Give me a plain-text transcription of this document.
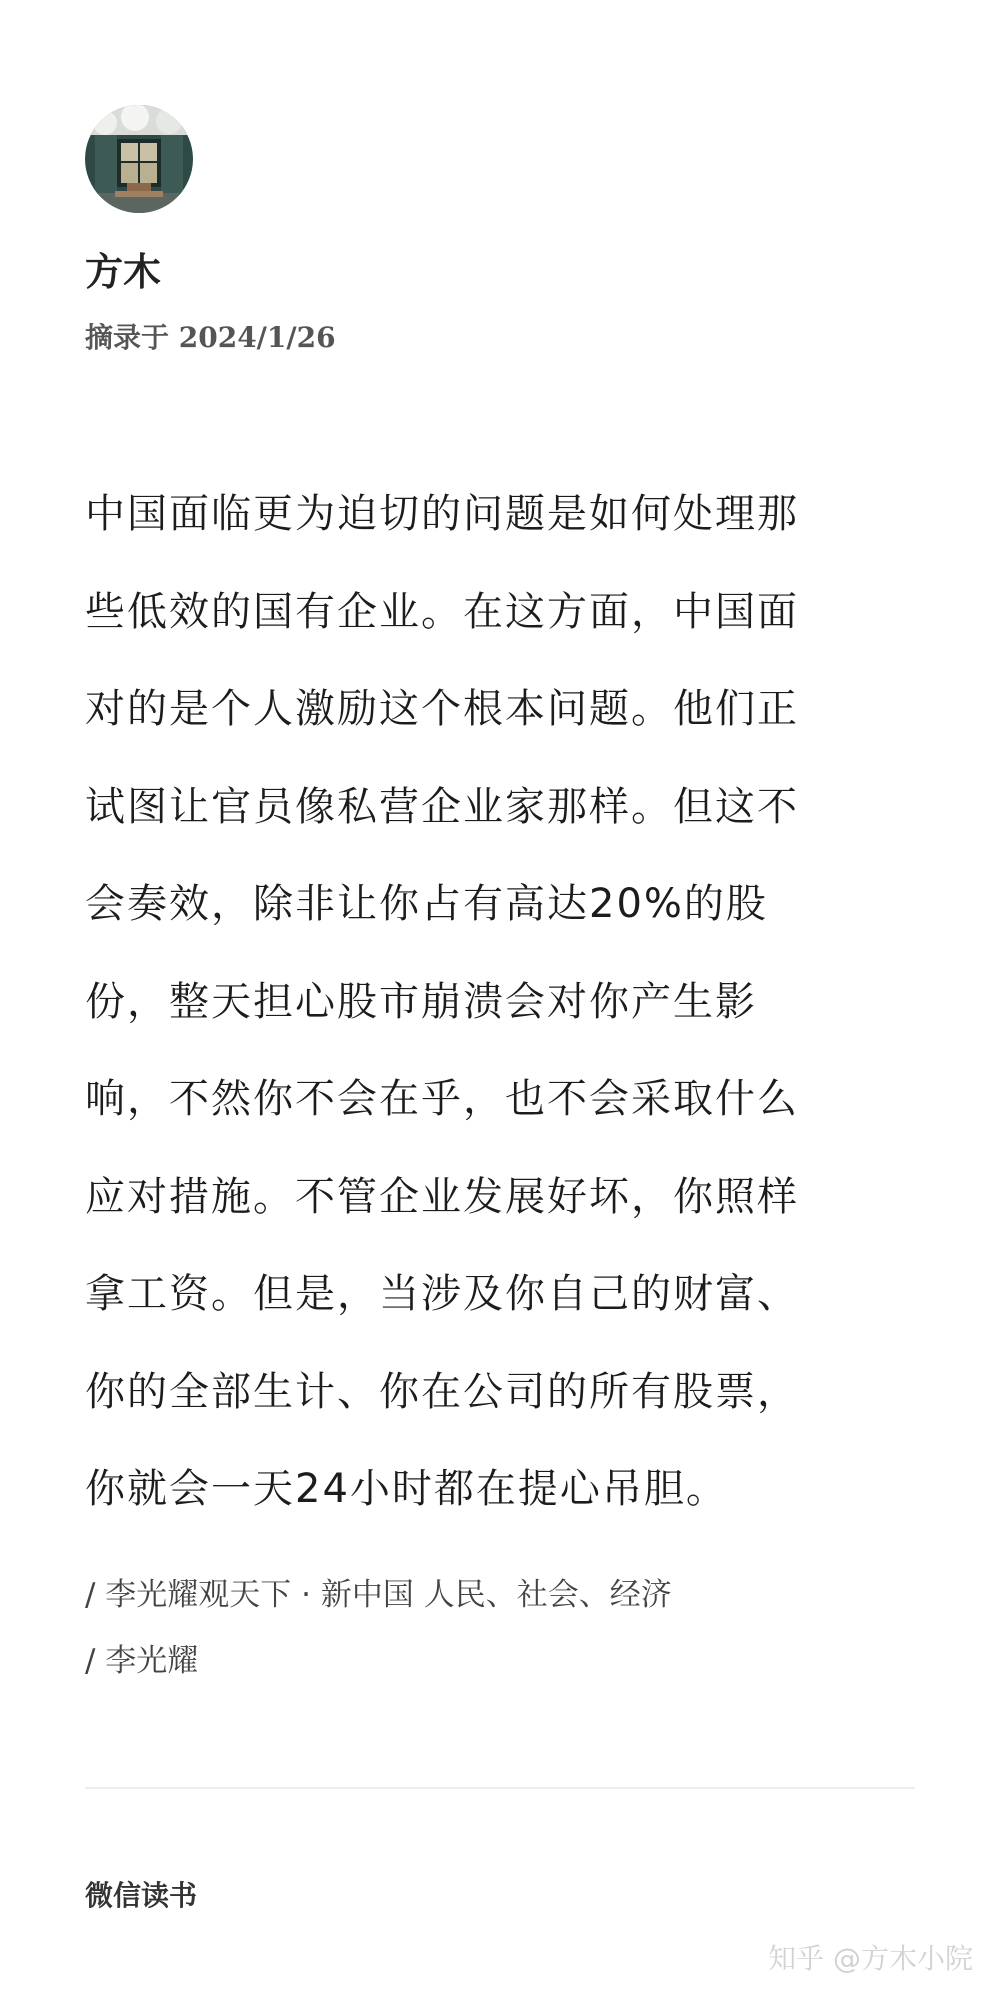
方木
摘录于 2024/1/26
中国面临更为迫切的问题是如何处理那
些低效的国有企业。在这方面，中国面
对的是个人激励这个根本问题。他们正
试图让官员像私营企业家那样。但这不
会奏效，除非让你占有高达20%的股
份，整天担心股市崩溃会对你产生影
响，不然你不会在乎，也不会采取什么
应对措施。不管企业发展好坏，你照样
拿工资。但是，当涉及你自己的财富、
你的全部生计、你在公司的所有股票，
你就会一天24小时都在提心吊胆。
/ 李光耀观天下 · 新中国 人民、社会、经济
/ 李光耀
微信读书
知乎 @方木小院
